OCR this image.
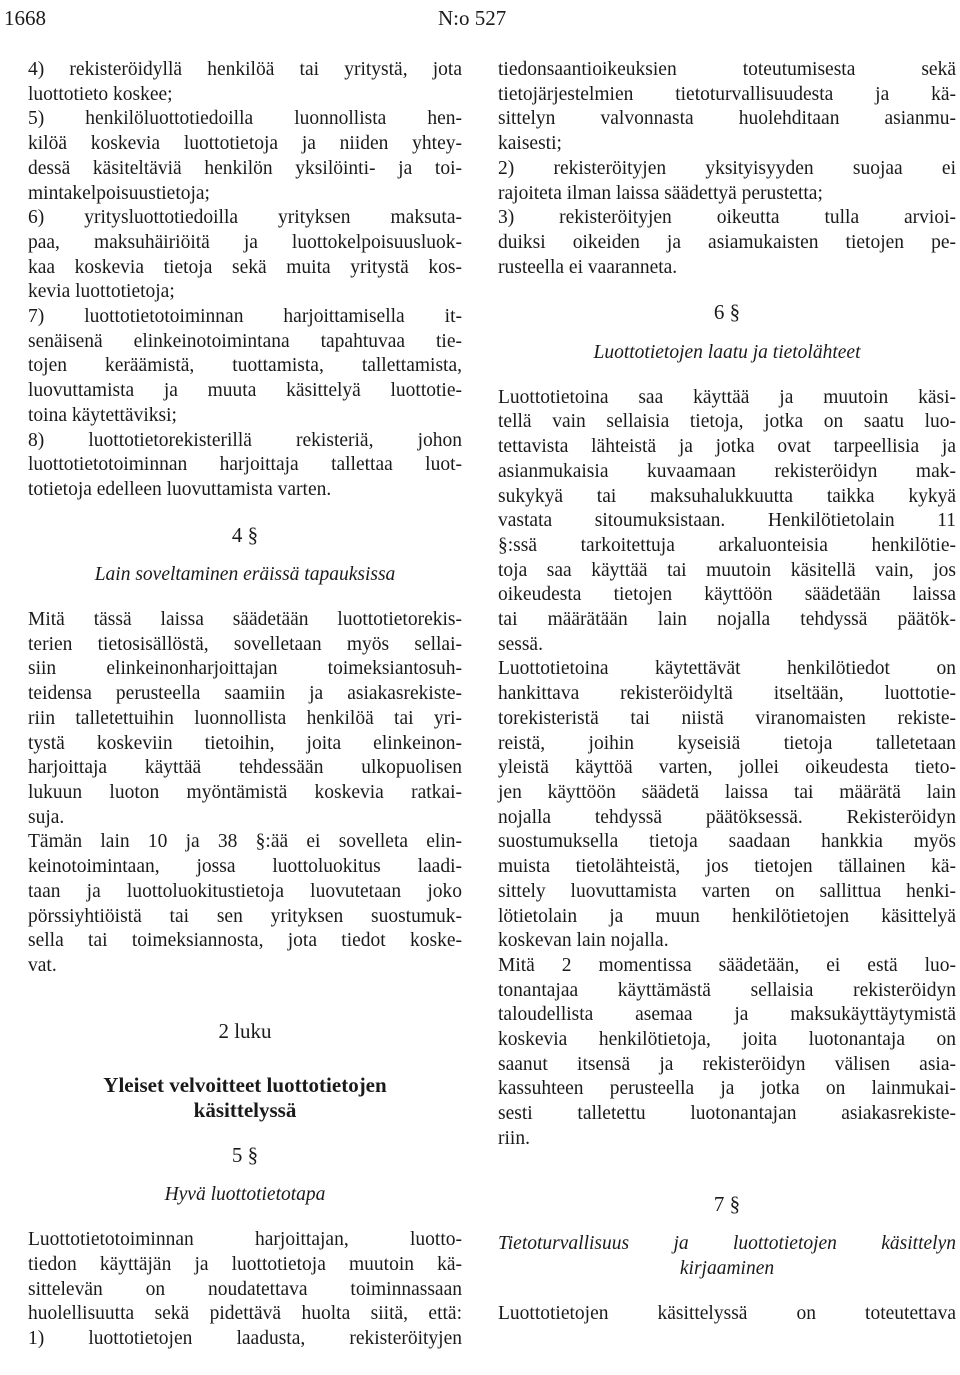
1668	N:o 527

4) rekisteröidyllä henkilöä tai yritystä, jota

luottotieto koskee;

5) henkilöluottotiedoilla luonnollista hen-

kilöä koskevia luottotietoja ja niiden yhtey-

dessä käsiteltäviä henkilön yksilöinti- ja toi-

mintakelpoisuustietoja;

6) yritysluottotiedoilla yrityksen maksuta-

paa, maksuhäiriöitä ja luottokelpoisuusluok-

kaa koskevia tietoja sekä muita yritystä kos-

kevia luottotietoja;

7) luottotietotoiminnan harjoittamisella it-

senäisenä elinkeinotoimintana tapahtuvaa tie-

tojen keräämistä, tuottamista, tallettamista,

luovuttamista ja muuta käsittelyä luottotie-

toina käytettäviksi;

8) luottotietorekisterillä rekisteriä, johon

luottotietotoiminnan harjoittaja tallettaa luot-

totietoja edelleen luovuttamista varten.

4 §

Lain soveltaminen eräissä tapauksissa

Mitä tässä laissa säädetään luottotietorekis-

terien tietosisällöstä, sovelletaan myös sellai-

siin elinkeinonharjoittajan toimeksiantosuh-

teidensa perusteella saamiin ja asiakasrekiste-

riin talletettuihin luonnollista henkilöä tai yri-

tystä koskeviin tietoihin, joita elinkeinon-

harjoittaja käyttää tehdessään ulkopuolisen

lukuun luoton myöntämistä koskevia ratkai-

suja.

Tämän lain 10 ja 38 §:ää ei sovelleta elin-

keinotoimintaan, jossa luottoluokitus laadi-

taan ja luottoluokitustietoja luovutetaan joko

pörssiyhtiöistä tai sen yrityksen suostumuk-

sella tai toimeksiannosta, jota tiedot koske-

vat.

2 luku

Yleiset velvoitteet luottotietojen

käsittelyssä

5 §

Hyvä luottotietotapa

Luottotietotoiminnan harjoittajan, luotto-

tiedon käyttäjän ja luottotietoja muutoin kä-

sittelevän on noudatettava toiminnassaan

huolellisuutta sekä pidettävä huolta siitä, että:

1) luottotietojen laadusta, rekisteröityjen

tiedonsaantioikeuksien toteutumisesta sekä

tietojärjestelmien tietoturvallisuudesta ja kä-

sittelyn valvonnasta huolehditaan asianmu-

kaisesti;

2) rekisteröityjen yksityisyyden suojaa ei

rajoiteta ilman laissa säädettyä perustetta;

3) rekisteröityjen oikeutta tulla arvioi-

duiksi oikeiden ja asiamukaisten tietojen pe-

rusteella ei vaaranneta.

6 §

Luottotietojen laatu ja tietolähteet

Luottotietoina saa käyttää ja muutoin käsi-

tellä vain sellaisia tietoja, jotka on saatu luo-

tettavista lähteistä ja jotka ovat tarpeellisia ja

asianmukaisia kuvaamaan rekisteröidyn mak-

sukykyä tai maksuhalukkuutta taikka kykyä

vastata sitoumuksistaan. Henkilötietolain 11

§:ssä tarkoitettuja arkaluonteisia henkilötie-

toja saa käyttää tai muutoin käsitellä vain, jos

oikeudesta tietojen käyttöön säädetään laissa

tai määrätään lain nojalla tehdyssä päätök-

sessä.

Luottotietoina käytettävät henkilötiedot on

hankittava rekisteröidyltä itseltään, luottotie-

torekisteristä tai niistä viranomaisten rekiste-

reistä, joihin kyseisiä tietoja talletetaan

yleistä käyttöä varten, jollei oikeudesta tieto-

jen käyttöön säädetä laissa tai määrätä lain

nojalla tehdyssä päätöksessä. Rekisteröidyn

suostumuksella tietoja saadaan hankkia myös

muista tietolähteistä, jos tietojen tällainen kä-

sittely luovuttamista varten on sallittua henki-

lötietolain ja muun henkilötietojen käsittelyä

koskevan lain nojalla.

Mitä 2 momentissa säädetään, ei estä luo-

tonantajaa käyttämästä sellaisia rekisteröidyn

taloudellista asemaa ja maksukäyttäytymistä

koskevia henkilötietoja, joita luotonantaja on

saanut itsensä ja rekisteröidyn välisen asia-

kassuhteen perusteella ja jotka on lainmukai-

sesti talletettu luotonantajan asiakasrekiste-

riin.

7 §

Tietoturvallisuus ja luottotietojen käsittelyn

kirjaaminen

Luottotietojen käsittelyssä on toteutettava
